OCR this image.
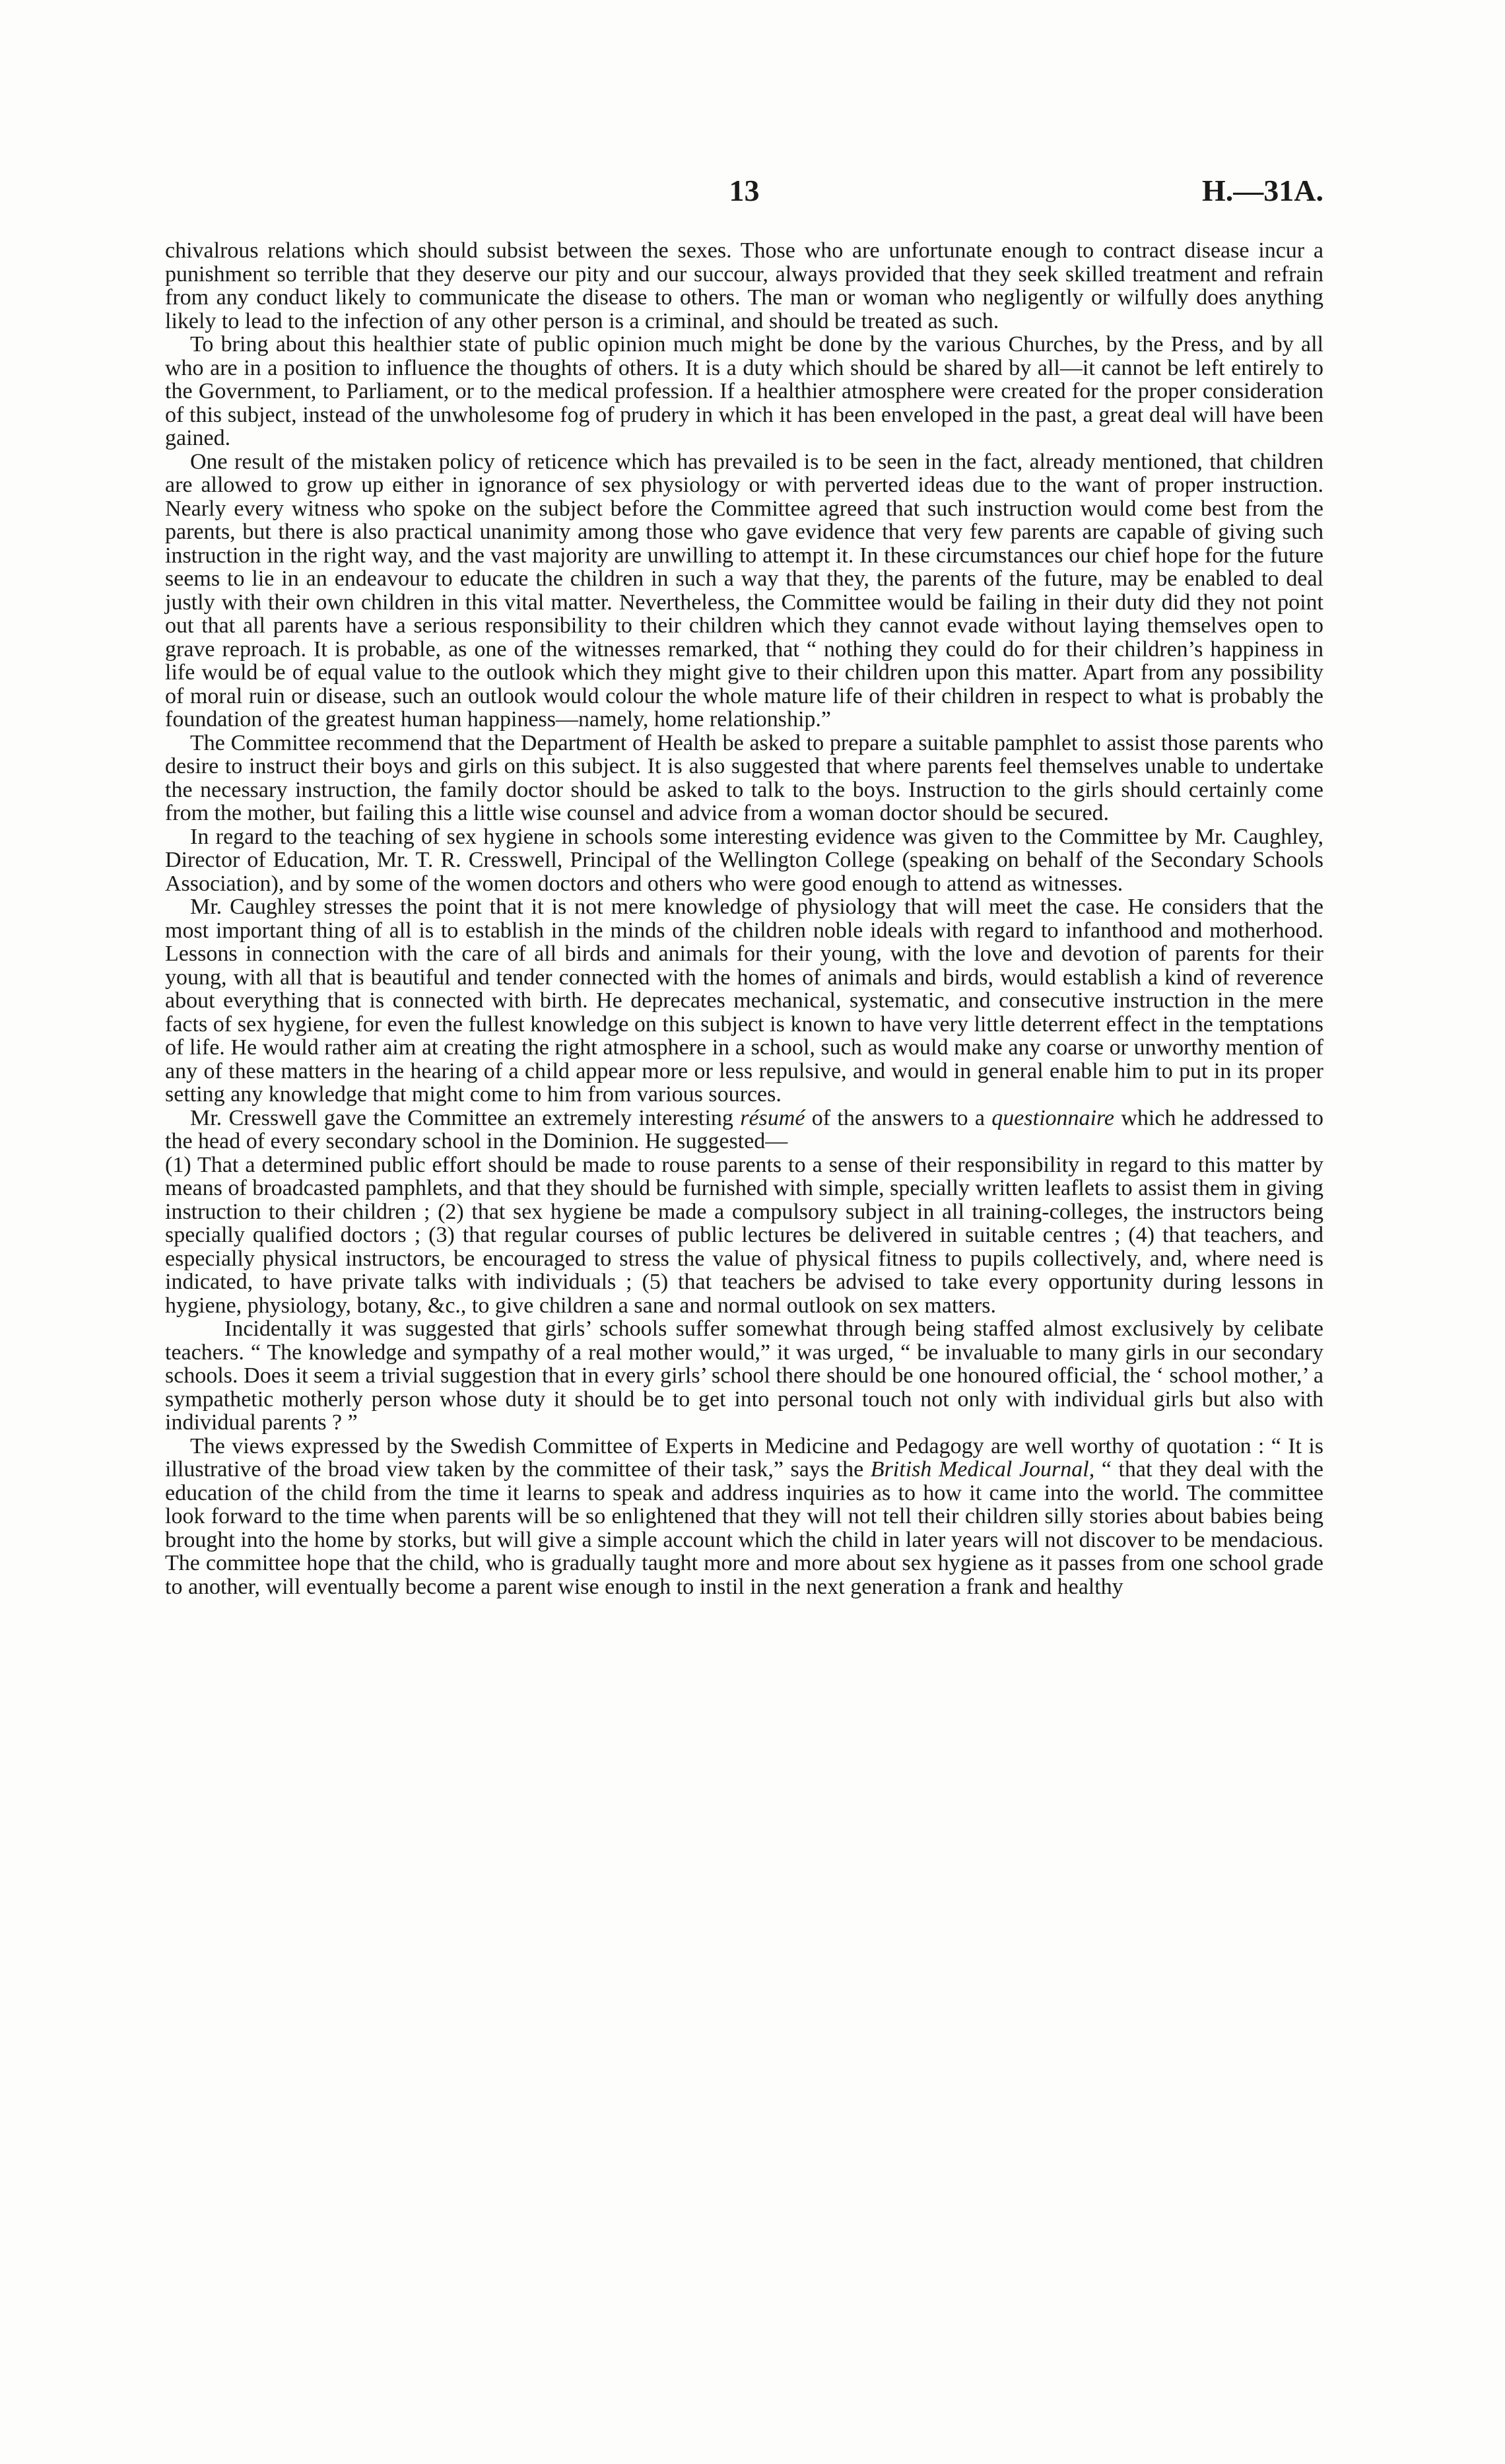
13	H.—31A.

chivalrous relations which should subsist between the sexes. Those who are unfortunate enough to contract disease incur a punishment so terrible that they deserve our pity and our succour, always provided that they seek skilled treatment and refrain from any conduct likely to communicate the disease to others. The man or woman who negligently or wilfully does anything likely to lead to the infection of any other person is a criminal, and should be treated as such.

To bring about this healthier state of public opinion much might be done by the various Churches, by the Press, and by all who are in a position to influence the thoughts of others. It is a duty which should be shared by all—it cannot be left entirely to the Government, to Parliament, or to the medical profession. If a healthier atmosphere were created for the proper consideration of this subject, instead of the unwholesome fog of prudery in which it has been enveloped in the past, a great deal will have been gained.

One result of the mistaken policy of reticence which has prevailed is to be seen in the fact, already mentioned, that children are allowed to grow up either in ignorance of sex physiology or with perverted ideas due to the want of proper instruction. Nearly every witness who spoke on the subject before the Committee agreed that such instruction would come best from the parents, but there is also practical unanimity among those who gave evidence that very few parents are capable of giving such instruction in the right way, and the vast majority are unwilling to attempt it. In these circumstances our chief hope for the future seems to lie in an endeavour to educate the children in such a way that they, the parents of the future, may be enabled to deal justly with their own children in this vital matter. Nevertheless, the Committee would be failing in their duty did they not point out that all parents have a serious responsibility to their children which they cannot evade without laying themselves open to grave reproach. It is probable, as one of the witnesses remarked, that “ nothing they could do for their children’s happiness in life would be of equal value to the outlook which they might give to their children upon this matter. Apart from any possibility of moral ruin or disease, such an outlook would colour the whole mature life of their children in respect to what is probably the foundation of the greatest human happiness—namely, home relationship.”

The Committee recommend that the Department of Health be asked to prepare a suitable pamphlet to assist those parents who desire to instruct their boys and girls on this subject. It is also suggested that where parents feel themselves unable to undertake the necessary instruction, the family doctor should be asked to talk to the boys. Instruction to the girls should certainly come from the mother, but failing this a little wise counsel and advice from a woman doctor should be secured.

In regard to the teaching of sex hygiene in schools some interesting evidence was given to the Committee by Mr. Caughley, Director of Education, Mr. T. R. Cresswell, Principal of the Wellington College (speaking on behalf of the Secondary Schools Association), and by some of the women doctors and others who were good enough to attend as witnesses.

Mr. Caughley stresses the point that it is not mere knowledge of physiology that will meet the case. He considers that the most important thing of all is to establish in the minds of the children noble ideals with regard to infanthood and motherhood. Lessons in connection with the care of all birds and animals for their young, with the love and devotion of parents for their young, with all that is beautiful and tender connected with the homes of animals and birds, would establish a kind of reverence about everything that is connected with birth. He deprecates mechanical, systematic, and consecutive instruction in the mere facts of sex hygiene, for even the fullest knowledge on this subject is known to have very little deterrent effect in the temptations of life. He would rather aim at creating the right atmosphere in a school, such as would make any coarse or unworthy mention of any of these matters in the hearing of a child appear more or less repulsive, and would in general enable him to put in its proper setting any knowledge that might come to him from various sources.

Mr. Cresswell gave the Committee an extremely interesting résumé of the answers to a questionnaire which he addressed to the head of every secondary school in the Dominion. He suggested—

(1) That a determined public effort should be made to rouse parents to a sense of their responsibility in regard to this matter by means of broadcasted pamphlets, and that they should be furnished with simple, specially written leaflets to assist them in giving instruction to their children ; (2) that sex hygiene be made a compulsory subject in all training-colleges, the instructors being specially qualified doctors ; (3) that regular courses of public lectures be delivered in suitable centres ; (4) that teachers, and especially physical instructors, be encouraged to stress the value of physical fitness to pupils collectively, and, where need is indicated, to have private talks with individuals ; (5) that teachers be advised to take every opportunity during lessons in hygiene, physiology, botany, &c., to give children a sane and normal outlook on sex matters.

Incidentally it was suggested that girls’ schools suffer somewhat through being staffed almost exclusively by celibate teachers. “ The knowledge and sympathy of a real mother would,” it was urged, “ be invaluable to many girls in our secondary schools. Does it seem a trivial suggestion that in every girls’ school there should be one honoured official, the ‘ school mother,’ a sympathetic motherly person whose duty it should be to get into personal touch not only with individual girls but also with individual parents ? ”

The views expressed by the Swedish Committee of Experts in Medicine and Pedagogy are well worthy of quotation : “ It is illustrative of the broad view taken by the committee of their task,” says the British Medical Journal, “ that they deal with the education of the child from the time it learns to speak and address inquiries as to how it came into the world. The committee look forward to the time when parents will be so enlightened that they will not tell their children silly stories about babies being brought into the home by storks, but will give a simple account which the child in later years will not discover to be mendacious. The committee hope that the child, who is gradually taught more and more about sex hygiene as it passes from one school grade to another, will eventually become a parent wise enough to instil in the next generation a frank and healthy
